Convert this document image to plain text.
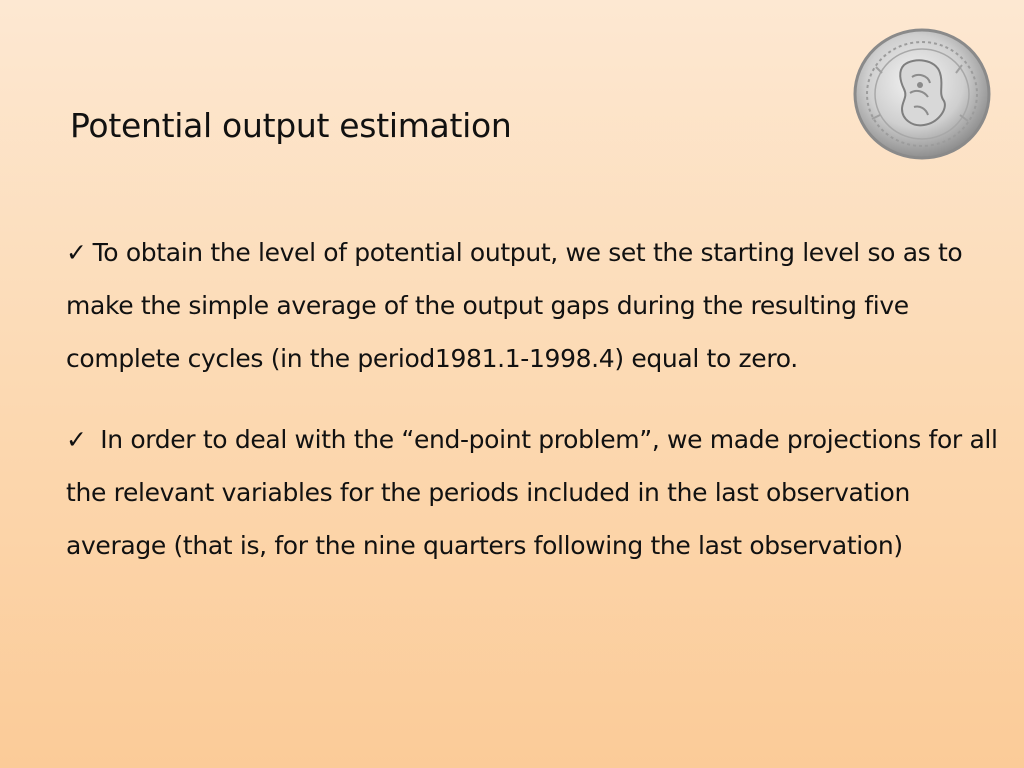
Potential output estimation
✓ To obtain the level of potential output, we set the starting level so as to make the simple average of the output gaps during the resulting five complete cycles (in the period1981.1-1998.4) equal to zero.
✓ In order to deal with the “end-point problem”, we made projections for all the relevant variables for the periods included in the last observation average (that is, for the nine quarters following the last observation)
